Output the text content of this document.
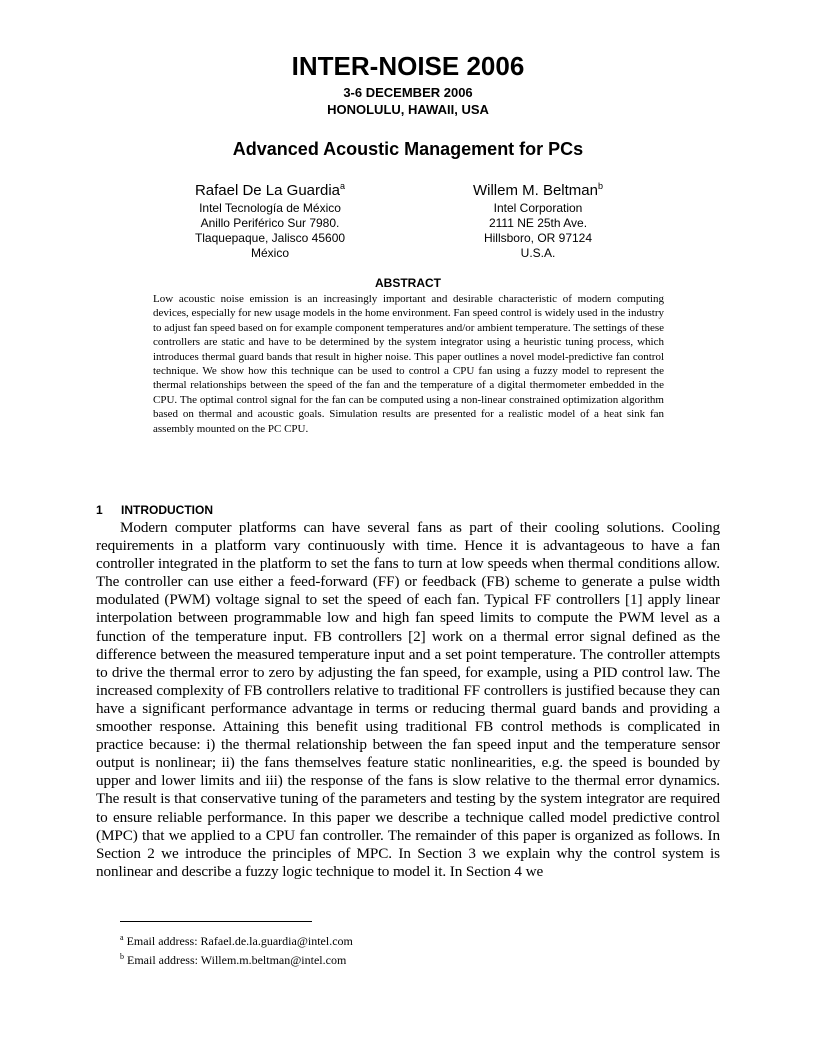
INTER-NOISE 2006
3-6 DECEMBER 2006
HONOLULU, HAWAII, USA
Advanced Acoustic Management for PCs
Rafael De La Guardia$^a$
Intel Tecnología de México
Anillo Periférico Sur 7980.
Tlaquepaque, Jalisco 45600
México
Willem M. Beltman$^b$
Intel Corporation
2111 NE 25th Ave.
Hillsboro, OR 97124
U.S.A.
ABSTRACT
Low acoustic noise emission is an increasingly important and desirable characteristic of modern computing devices, especially for new usage models in the home environment. Fan speed control is widely used in the industry to adjust fan speed based on for example component temperatures and/or ambient temperature. The settings of these controllers are static and have to be determined by the system integrator using a heuristic tuning process, which introduces thermal guard bands that result in higher noise. This paper outlines a novel model-predictive fan control technique. We show how this technique can be used to control a CPU fan using a fuzzy model to represent the thermal relationships between the speed of the fan and the temperature of a digital thermometer embedded in the CPU. The optimal control signal for the fan can be computed using a non-linear constrained optimization algorithm based on thermal and acoustic goals. Simulation results are presented for a realistic model of a heat sink fan assembly mounted on the PC CPU.
1 INTRODUCTION
Modern computer platforms can have several fans as part of their cooling solutions. Cooling requirements in a platform vary continuously with time. Hence it is advantageous to have a fan controller integrated in the platform to set the fans to turn at low speeds when thermal conditions allow. The controller can use either a feed-forward (FF) or feedback (FB) scheme to generate a pulse width modulated (PWM) voltage signal to set the speed of each fan. Typical FF controllers [1] apply linear interpolation between programmable low and high fan speed limits to compute the PWM level as a function of the temperature input. FB controllers [2] work on a thermal error signal defined as the difference between the measured temperature input and a set point temperature. The controller attempts to drive the thermal error to zero by adjusting the fan speed, for example, using a PID control law. The increased complexity of FB controllers relative to traditional FF controllers is justified because they can have a significant performance advantage in terms or reducing thermal guard bands and providing a smoother response. Attaining this benefit using traditional FB control methods is complicated in practice because: i) the thermal relationship between the fan speed input and the temperature sensor output is nonlinear; ii) the fans themselves feature static nonlinearities, e.g. the speed is bounded by upper and lower limits and iii) the response of the fans is slow relative to the thermal error dynamics. The result is that conservative tuning of the parameters and testing by the system integrator are required to ensure reliable performance. In this paper we describe a technique called model predictive control (MPC) that we applied to a CPU fan controller. The remainder of this paper is organized as follows. In Section 2 we introduce the principles of MPC. In Section 3 we explain why the control system is nonlinear and describe a fuzzy logic technique to model it. In Section 4 we
$^a$ Email address: Rafael.de.la.guardia@intel.com
$^b$ Email address: Willem.m.beltman@intel.com
